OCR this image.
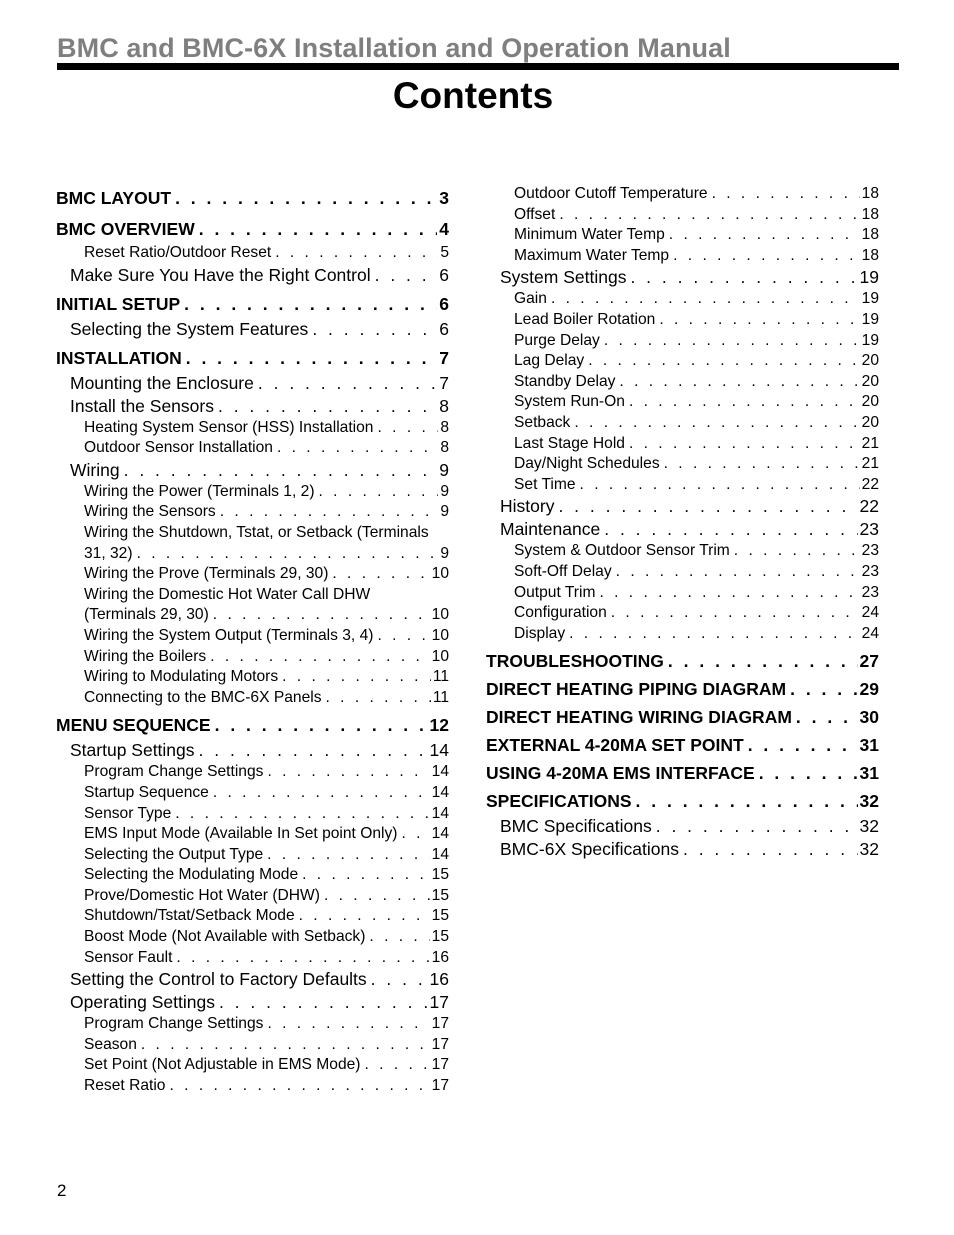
BMC and BMC-6X Installation and Operation Manual
Contents
BMC LAYOUT . . .	3
BMC OVERVIEW . . .	4
Reset Ratio/Outdoor Reset . . .	5
Make Sure You Have the Right Control . . .	6
INITIAL SETUP . . .	6
Selecting the System Features . . .	6
INSTALLATION . . .	7
Mounting the Enclosure . . .	7
Install the Sensors . . .	8
Heating System Sensor (HSS) Installation . . .	8
Outdoor Sensor Installation . . .	8
Wiring . . .	9
Wiring the Power (Terminals 1, 2) . . .	9
Wiring the Sensors . . .	9
Wiring the Shutdown, Tstat, or Setback (Terminals
31, 32) . . .	9
Wiring the Prove (Terminals 29, 30) . . .	10
Wiring the Domestic Hot Water Call DHW
(Terminals 29, 30) . . .	10
Wiring the System Output (Terminals 3, 4) . . .	10
Wiring the Boilers . . .	10
Wiring to Modulating Motors . . .	11
Connecting to the BMC-6X Panels . . .	11
MENU SEQUENCE . . .	12
Startup Settings . . .	14
Program Change Settings . . .	14
Startup Sequence . . .	14
Sensor Type . . .	14
EMS Input Mode (Available In Set point Only) . . . 14
Selecting the Output Type . . .	14
Selecting the Modulating Mode . . .	15
Prove/Domestic Hot Water (DHW) . . .	15
Shutdown/Tstat/Setback Mode . . .	15
Boost Mode (Not Available with Setback) . . .	15
Sensor Fault . . .	16
Setting the Control to Factory Defaults . . .	16
Operating Settings . . .	17
Program Change Settings . . .	17
Season . . .	17
Set Point (Not Adjustable in EMS Mode) . . .	17
Reset Ratio . . .	17
Outdoor Cutoff Temperature . . .	18
Offset . . .	18
Minimum Water Temp . . .	18
Maximum Water Temp . . .	18
System Settings . . .	19
Gain . . .	19
Lead Boiler Rotation . . .	19
Purge Delay . . .	19
Lag Delay . . .	20
Standby Delay . . .	20
System Run-On . . .	20
Setback . . .	20
Last Stage Hold . . .	21
Day/Night Schedules . . .	21
Set Time . . .	22
History . . .	22
Maintenance . . .	23
System & Outdoor Sensor Trim . . .	23
Soft-Off Delay . . .	23
Output Trim . . .	23
Configuration . . .	24
Display . . .	24
TROUBLESHOOTING . . .	27
DIRECT HEATING PIPING DIAGRAM . . .	29
DIRECT HEATING WIRING DIAGRAM . . .	30
EXTERNAL 4-20MA SET POINT . . .	31
USING 4-20MA EMS INTERFACE . . .	31
SPECIFICATIONS . . .	32
BMC Specifications . . .	32
BMC-6X Specifications . . .	32

2
